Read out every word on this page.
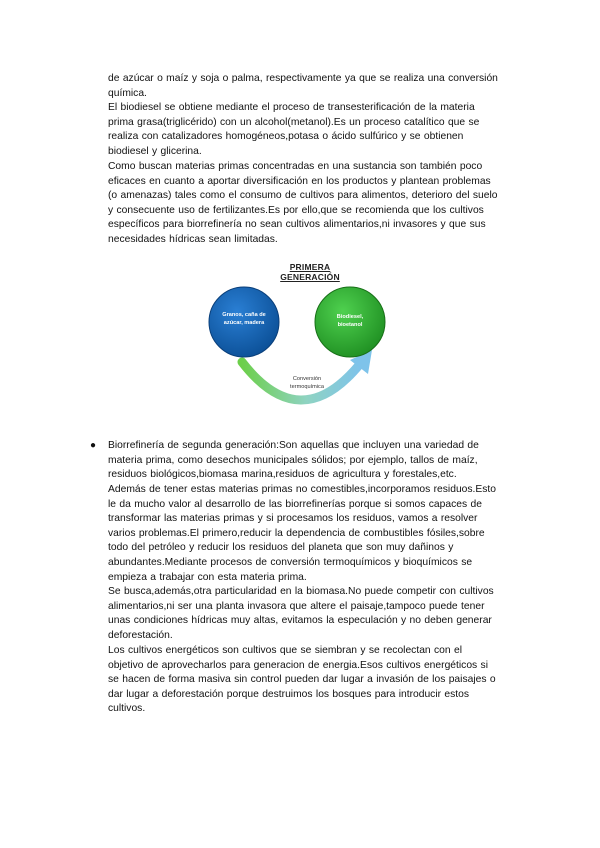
de azúcar o maíz y soja o palma, respectivamente ya que se realiza una conversión química.

El biodiesel se obtiene mediante el proceso de transesterificación de la materia prima grasa(triglicérido) con un alcohol(metanol).Es un proceso catalítico que se realiza con catalizadores homogéneos,potasa o ácido sulfúrico y se obtienen biodiesel y glicerina.

Como buscan materias primas concentradas en una sustancia son también poco eficaces en cuanto a aportar diversificación en los productos y plantean problemas (o amenazas) tales como el consumo de cultivos para alimentos, deterioro del suelo y consecuente uso de fertilizantes.Es por ello,que se recomienda que los cultivos específicos para biorrefinería no sean cultivos alimentarios,ni invasores y que sus necesidades hídricas sean limitadas.

PRIMERA GENERACIÓN
Granos, caña de azúcar, madera
Biodiesel, bioetanol
Conversión termoquímica
● Biorrefinería de segunda generación:Son aquellas que incluyen una variedad de materia prima, como desechos municipales sólidos; por ejemplo, tallos de maíz, residuos biológicos,biomasa marina,residuos de agricultura y forestales,etc.

Además de tener estas materias primas no comestibles,incorporamos residuos.Esto le da mucho valor al desarrollo de las biorrefinerías porque si somos capaces de transformar las materias primas y si procesamos los residuos, vamos a resolver varios problemas.El primero,reducir la dependencia de combustibles fósiles,sobre todo del petróleo y reducir los residuos del planeta que son muy dañinos y abundantes.Mediante procesos de conversión termoquímicos y bioquímicos se empieza a trabajar con esta materia prima.

Se busca,además,otra particularidad en la biomasa.No puede competir con cultivos alimentarios,ni ser una planta invasora que altere el paisaje,tampoco puede tener unas condiciones hídricas muy altas, evitamos la especulación y no deben generar deforestación.

Los cultivos energéticos son cultivos que se siembran y se recolectan con el objetivo de aprovecharlos para generacion de energia.Esos cultivos energéticos si se hacen de forma masiva sin control pueden dar lugar a invasión de los paisajes o dar lugar a deforestación porque destruimos los bosques para introducir estos cultivos.
